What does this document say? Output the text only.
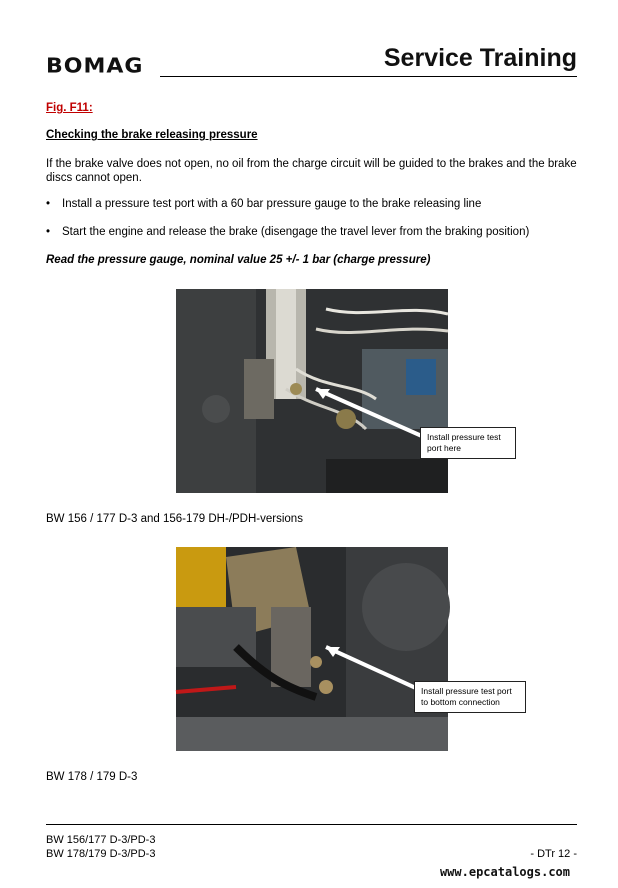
BOMAG	Service Training
Fig. F11:
Checking the brake releasing pressure
If the brake valve does not open, no oil from the charge circuit will be guided to the brakes and the brake discs cannot open.
• Install a pressure test port with a 60 bar pressure gauge to the brake releasing line
• Start the engine and release the brake (disengage the travel lever from the braking position)
Read the pressure gauge, nominal value 25 +/- 1 bar (charge pressure)
Install pressure test
port here
BW 156 / 177 D-3 and 156-179 DH-/PDH-versions
Install pressure test port
to bottom connection
BW 178 / 179 D-3
BW 156/177 D-3/PD-3
BW 178/179 D-3/PD-3	- DTr 12 -
www.epcatalogs.com
